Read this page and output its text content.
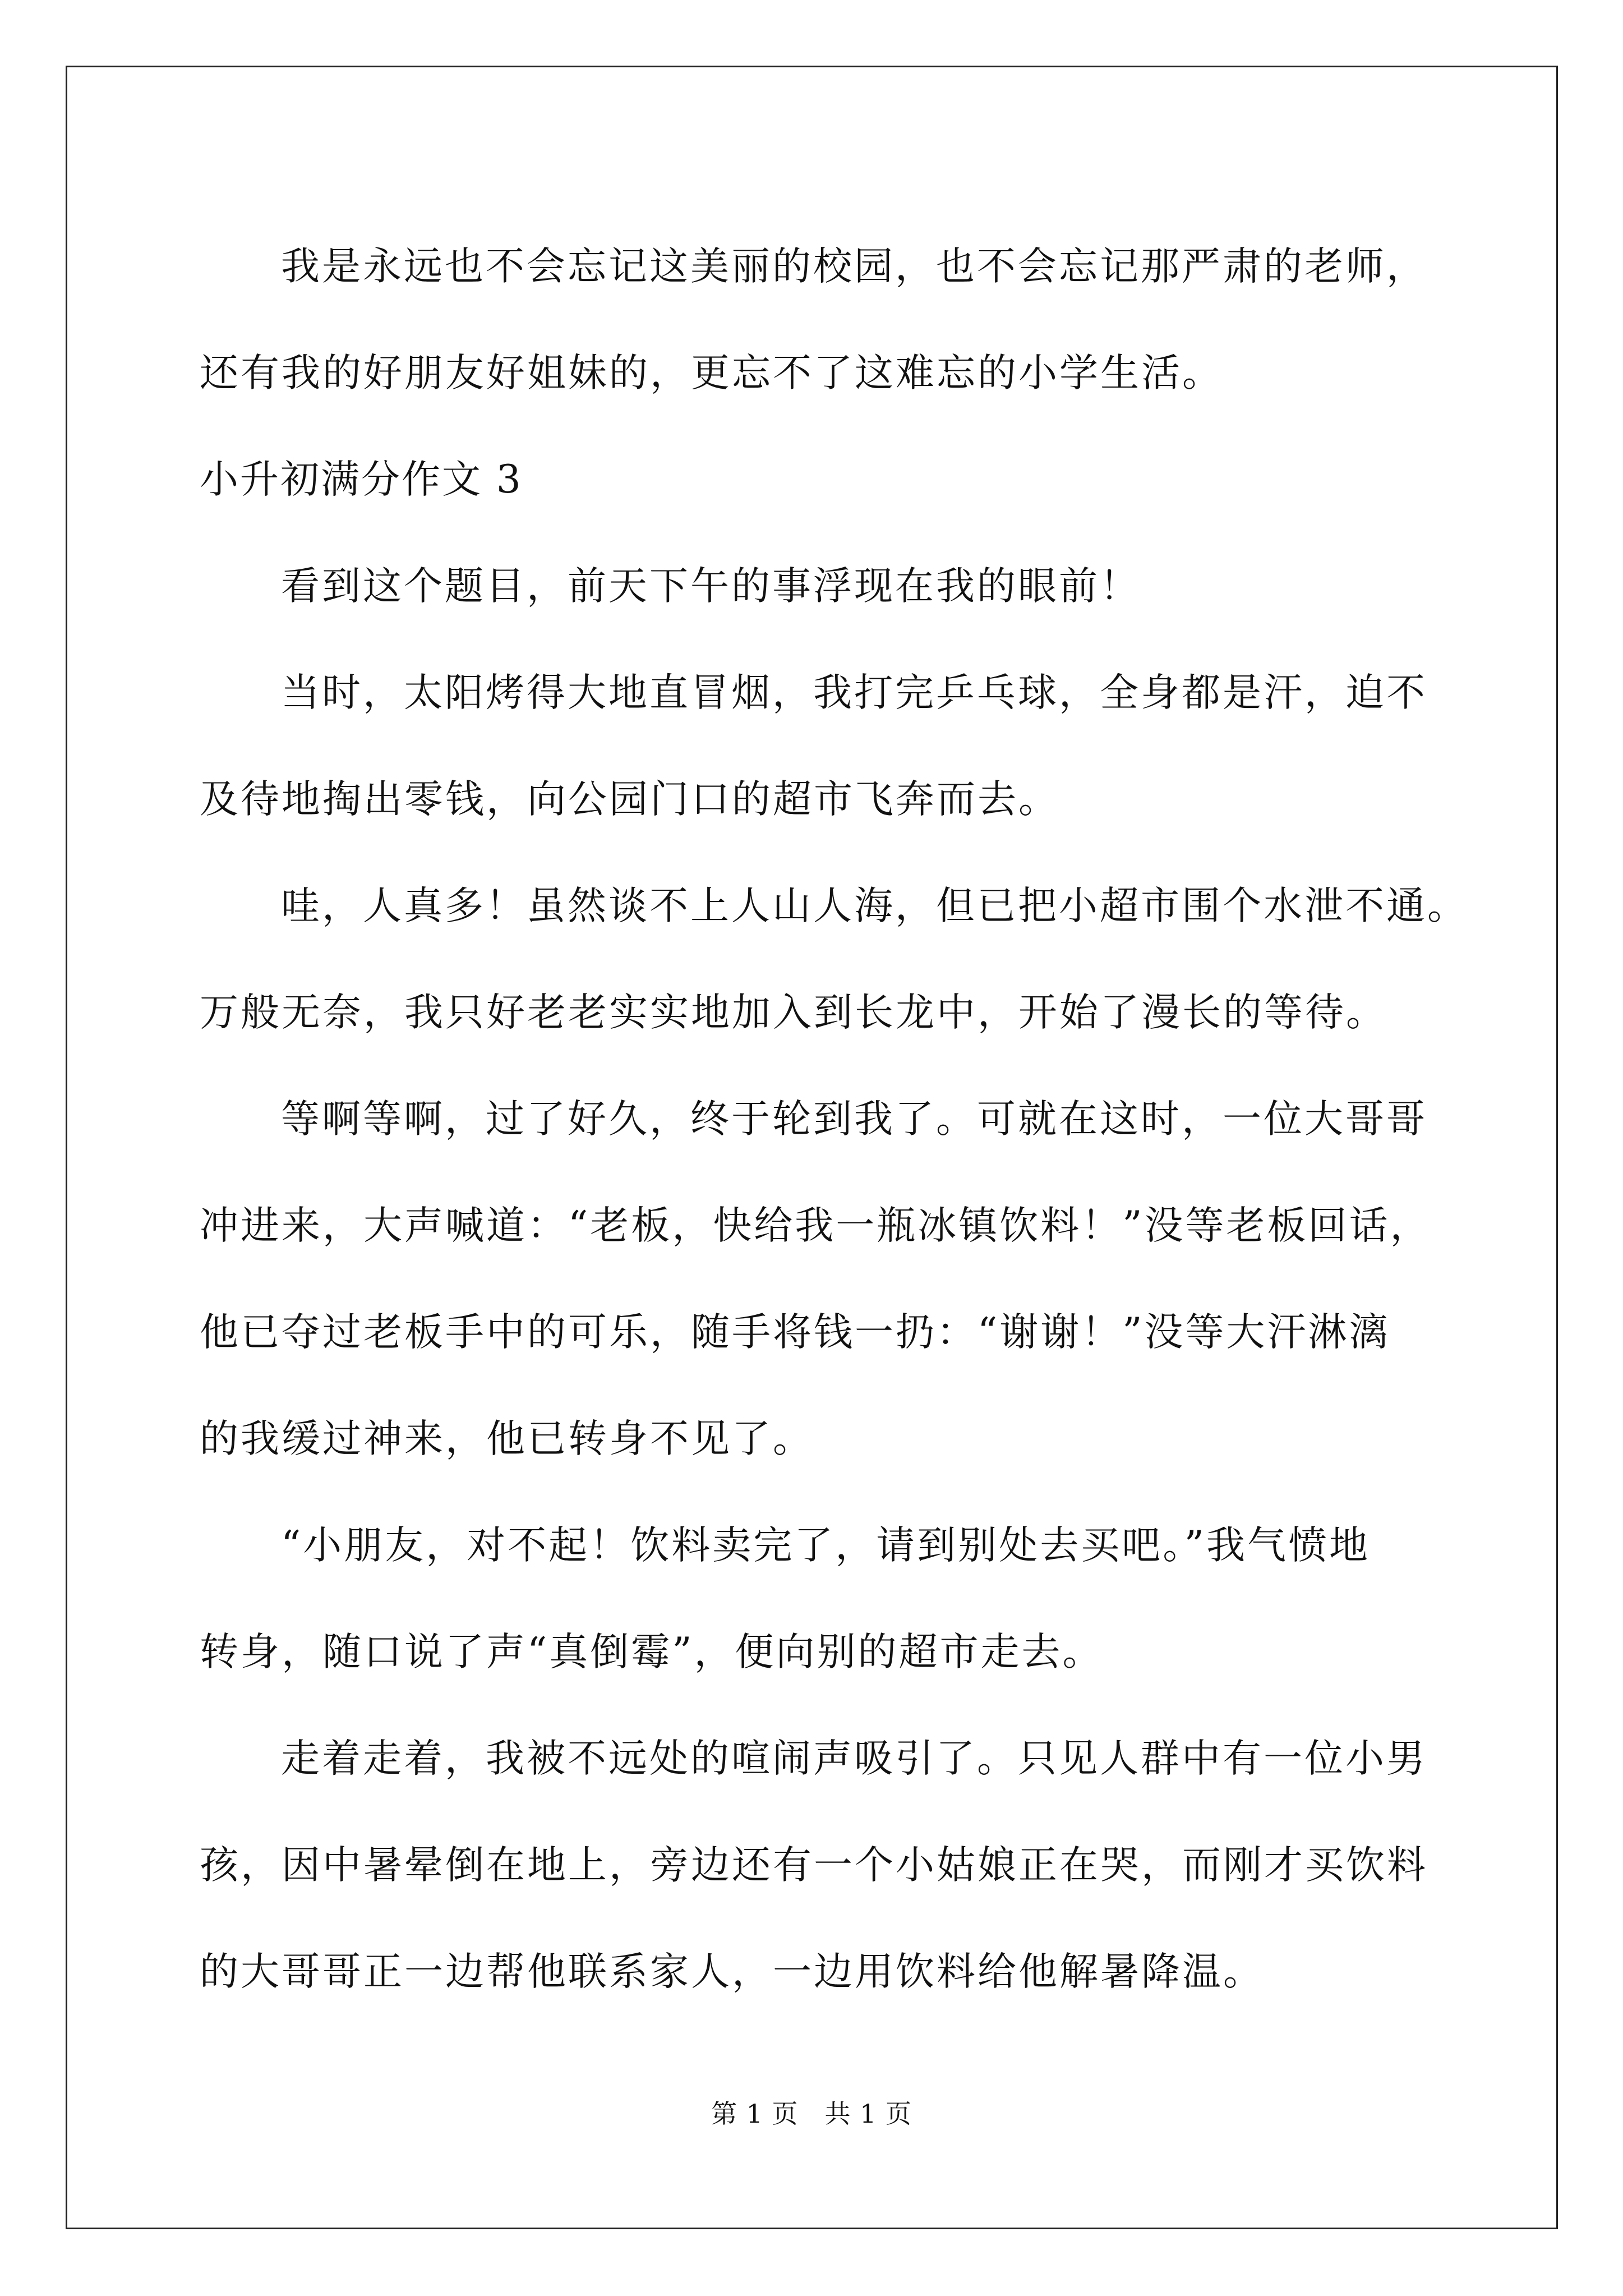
我是永远也不会忘记这美丽的校园，也不会忘记那严肃的老师，

还有我的好朋友好姐妹的，更忘不了这难忘的小学生活。

小升初满分作文 3

看到这个题目，前天下午的事浮现在我的眼前！

当时，太阳烤得大地直冒烟，我打完乒乓球，全身都是汗，迫不

及待地掏出零钱，向公园门口的超市飞奔而去。

哇，人真多！虽然谈不上人山人海，但已把小超市围个水泄不通。

万般无奈，我只好老老实实地加入到长龙中，开始了漫长的等待。

等啊等啊，过了好久，终于轮到我了。可就在这时，一位大哥哥

冲进来，大声喊道：“老板，快给我一瓶冰镇饮料！”没等老板回话，

他已夺过老板手中的可乐，随手将钱一扔：“谢谢！”没等大汗淋漓

的我缓过神来，他已转身不见了。

“小朋友，对不起！饮料卖完了，请到别处去买吧。”我气愤地

转身，随口说了声“真倒霉”，便向别的超市走去。

走着走着，我被不远处的喧闹声吸引了。只见人群中有一位小男

孩，因中暑晕倒在地上，旁边还有一个小姑娘正在哭，而刚才买饮料

的大哥哥正一边帮他联系家人，一边用饮料给他解暑降温。

第 1 页　共 1 页
